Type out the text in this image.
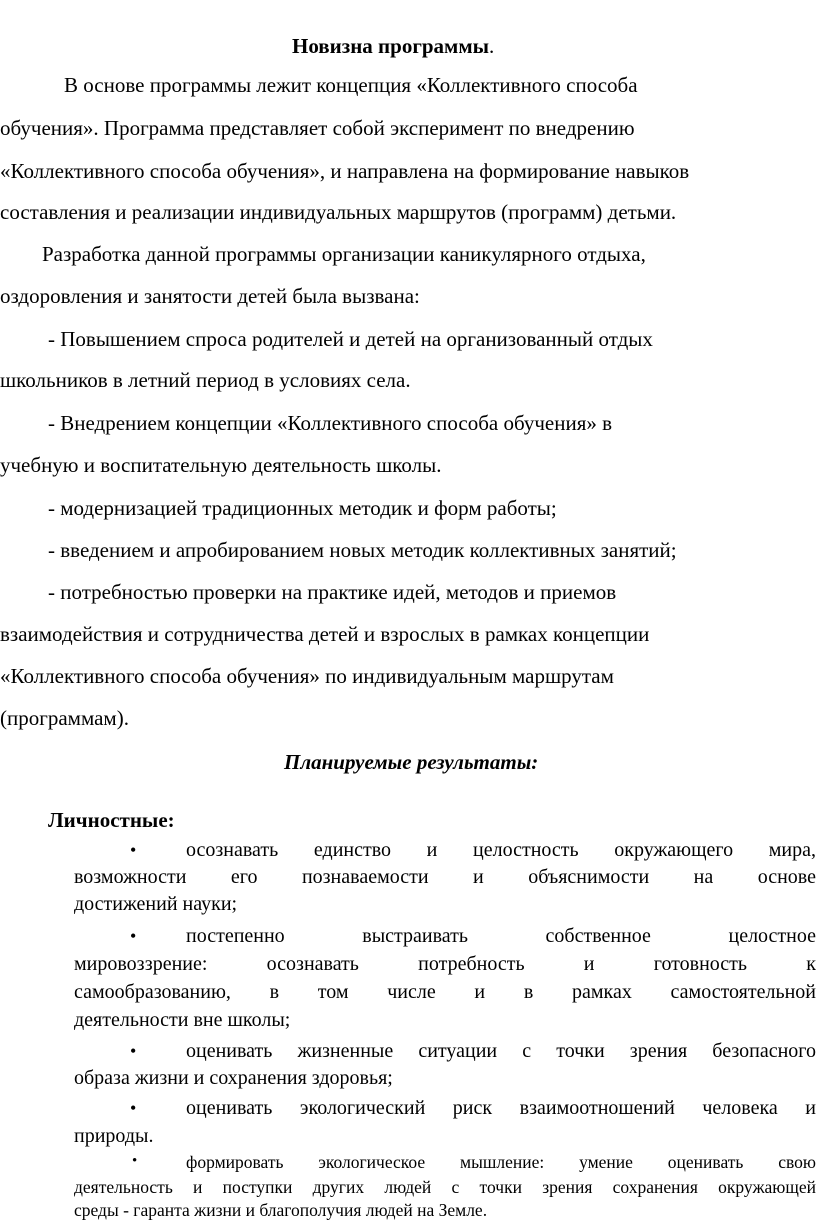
Новизна программы.
В основе программы лежит концепция «Коллективного способа
обучения». Программа представляет собой эксперимент по внедрению
«Коллективного способа обучения», и направлена на формирование навыков
составления и реализации индивидуальных маршрутов (программ) детьми.
Разработка данной программы организации каникулярного отдыха,
оздоровления и занятости детей была вызвана:
- Повышением спроса родителей и детей на организованный отдых
школьников в летний период в условиях села.
- Внедрением концепции «Коллективного способа обучения» в
учебную и воспитательную деятельность школы.
- модернизацией традиционных методик и форм работы;
- введением и апробированием новых методик коллективных занятий;
- потребностью проверки на практике идей, методов и приемов
взаимодействия и сотрудничества детей и взрослых в рамках концепции
«Коллективного способа обучения» по индивидуальным маршрутам
(программам).
Планируемые результаты:
Личностные:
• осознавать единство и целостность окружающего мира,
возможности его познаваемости и объяснимости на основе
достижений науки;
• постепенно выстраивать собственное целостное
мировоззрение: осознавать потребность и готовность к
самообразованию, в том числе и в рамках самостоятельной
деятельности вне школы;
• оценивать жизненные ситуации с точки зрения безопасного
образа жизни и сохранения здоровья;
• оценивать экологический риск взаимоотношений человека и
природы.
•	формировать экологическое мышление: умение оценивать свою
деятельность и поступки других людей с точки зрения сохранения окружающей
среды - гаранта жизни и благополучия людей на Земле.
